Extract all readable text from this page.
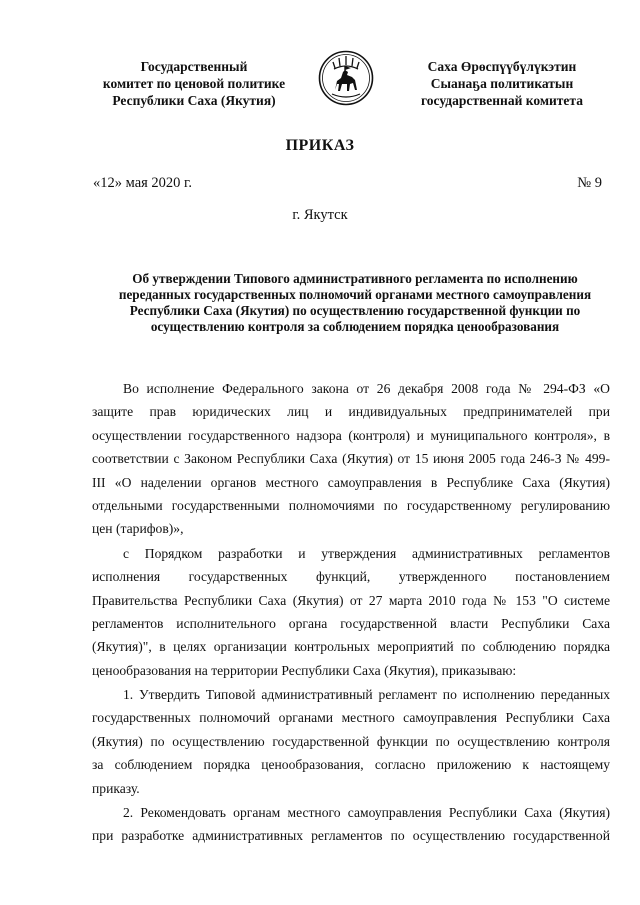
Государственный
комитет по ценовой политике
Республики Саха (Якутия)
Саха Өрөспүүбүлүкэтин
Сыанаҕа политикатын
государственнай комитета
ПРИКАЗ
«12» мая 2020 г.	№ 9
г. Якутск
Об утверждении Типового административного регламента по исполнению
переданных государственных полномочий органами местного самоуправления
Республики Саха (Якутия) по осуществлению государственной функции по
осуществлению контроля за соблюдением порядка ценообразования
Во исполнение Федерального закона от 26 декабря 2008 года № 294-ФЗ «О
защите прав юридических лиц и индивидуальных предпринимателей при
осуществлении государственного надзора (контроля) и муниципального контроля», в
соответствии с Законом Республики Саха (Якутия) от 15 июня 2005 года 246-З № 499-
III «О наделении органов местного самоуправления в Республике Саха (Якутия)
отдельными государственными полномочиями по государственному регулированию
цен (тарифов)»,
с Порядком разработки и утверждения административных регламентов
исполнения государственных функций, утвержденного постановлением
Правительства Республики Саха (Якутия) от 27 марта 2010 года № 153 "О системе
регламентов исполнительного органа государственной власти Республики Саха
(Якутия)", в целях организации контрольных мероприятий по соблюдению порядка
ценообразования на территории Республики Саха (Якутия), приказываю:
1. Утвердить Типовой административный регламент по исполнению переданных
государственных полномочий органами местного самоуправления Республики Саха
(Якутия) по осуществлению государственной функции по осуществлению контроля
за соблюдением порядка ценообразования, согласно приложению к настоящему
приказу.
2. Рекомендовать органам местного самоуправления Республики Саха (Якутия)
при разработке административных регламентов по осуществлению государственной
